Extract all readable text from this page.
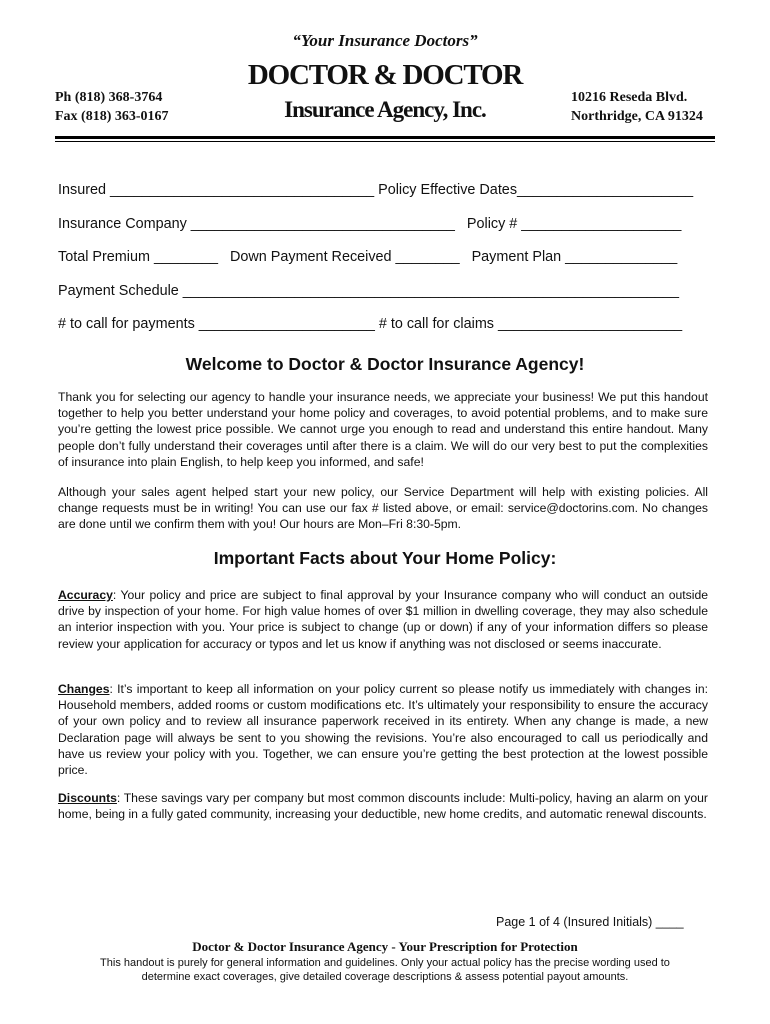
“Your Insurance Doctors”
DOCTOR & DOCTOR
Insurance Agency, Inc.
Ph (818) 368-3764
Fax (818) 363-0167
10216 Reseda Blvd.
Northridge, CA 91324
Insured _________________________________ Policy Effective Dates______________________
Insurance Company _________________________________   Policy # ____________________
Total Premium ________   Down Payment Received ________   Payment Plan ______________
Payment Schedule ______________________________________________________________
# to call for payments ______________________ # to call for claims _______________________
Welcome to Doctor & Doctor Insurance Agency!

Thank you for selecting our agency to handle your insurance needs, we appreciate your business! We put this handout together to help you better understand your home policy and coverages, to avoid potential problems, and to make sure you’re getting the lowest price possible. We cannot urge you enough to read and understand this entire handout. Many people don’t fully understand their coverages until after there is a claim. We will do our very best to put the complexities of insurance into plain English, to help keep you informed, and safe!

Although your sales agent helped start your new policy, our Service Department will help with existing policies. All change requests must be in writing! You can use our fax # listed above, or email: service@doctorins.com. No changes are done until we confirm them with you! Our hours are Mon–Fri 8:30-5pm.

Important Facts about Your Home Policy:

Accuracy: Your policy and price are subject to final approval by your Insurance company who will conduct an outside drive by inspection of your home. For high value homes of over $1 million in dwelling coverage, they may also schedule an interior inspection with you. Your price is subject to change (up or down) if any of your information differs so please review your application for accuracy or typos and let us know if anything was not disclosed or seems inaccurate.

Changes: It’s important to keep all information on your policy current so please notify us immediately with changes in: Household members, added rooms or custom modifications etc. It’s ultimately your responsibility to ensure the accuracy of your own policy and to review all insurance paperwork received in its entirety. When any change is made, a new Declaration page will always be sent to you showing the revisions. You’re also encouraged to call us periodically and have us review your policy with you. Together, we can ensure you’re getting the best protection at the lowest possible price.

Discounts: These savings vary per company but most common discounts include: Multi-policy, having an alarm on your home, being in a fully gated community, increasing your deductible, new home credits, and automatic renewal discounts.

Page 1 of 4 (Insured Initials) ____
Doctor & Doctor Insurance Agency - Your Prescription for Protection
This handout is purely for general information and guidelines. Only your actual policy has the precise wording used to determine exact coverages, give detailed coverage descriptions & assess potential payout amounts.
